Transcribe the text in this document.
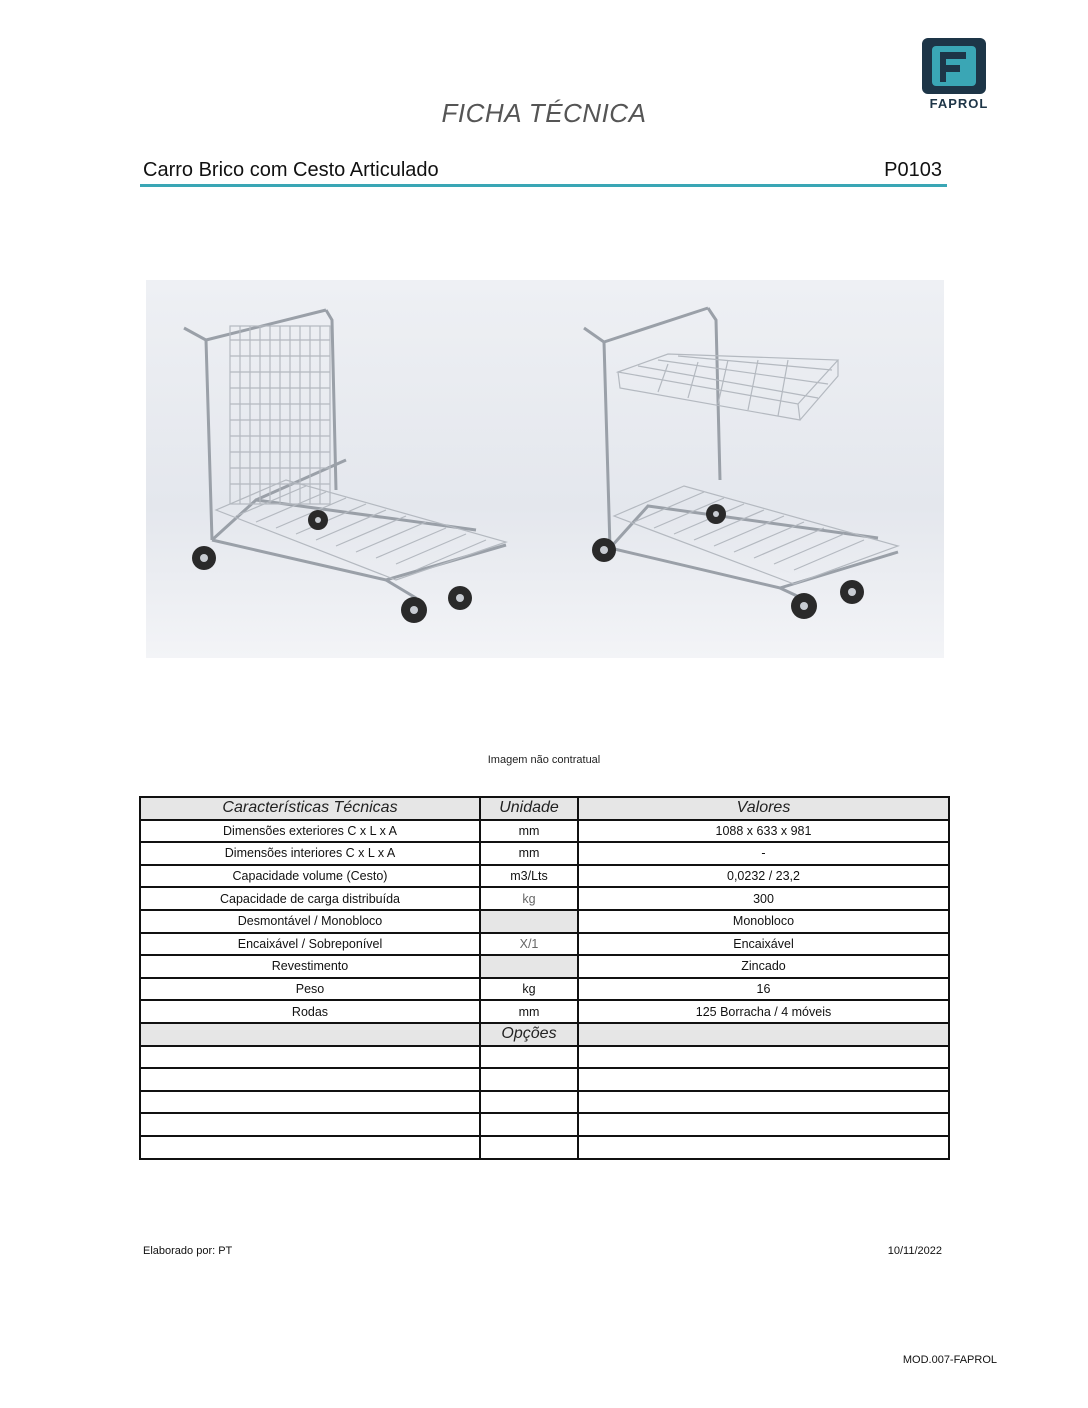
FAPROL
FICHA TÉCNICA
Carro Brico com Cesto Articulado	P0103
Imagem não contratual
Características Técnicas	Unidade	Valores
Dimensões exteriores C x L x A	mm	1088 x 633 x 981
Dimensões interiores C x L x A	mm	-
Capacidade volume (Cesto)	m3/Lts	0,0232 / 23,2
Capacidade de carga distribuída	kg	300
Desmontável / Monobloco		Monobloco
Encaixável / Sobreponível	X/1	Encaixável
Revestimento		Zincado
Peso	kg	16
Rodas	mm	125 Borracha / 4 móveis
	Opções	

Elaborado por: PT	10/11/2022
MOD.007-FAPROL
